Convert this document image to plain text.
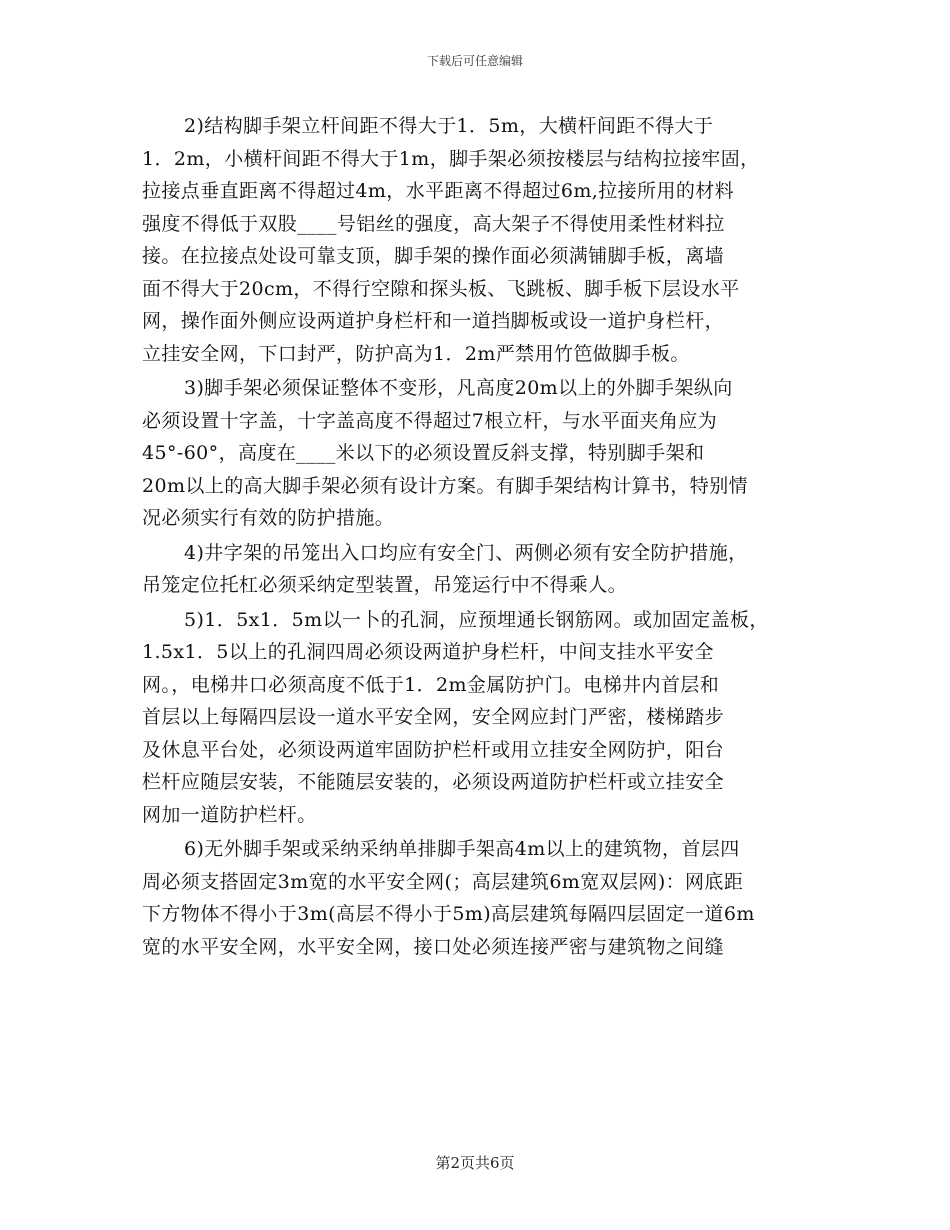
下载后可任意编辑
2)结构脚手架立杆间距不得大于1．5m，大横杆间距不得大于
1．2m，小横杆间距不得大于1m，脚手架必须按楼层与结构拉接牢固，
拉接点垂直距离不得超过4m，水平距离不得超过6m,拉接所用的材料
强度不得低于双股____号铝丝的强度，高大架子不得使用柔性材料拉
接。在拉接点处设可靠支顶，脚手架的操作面必须满铺脚手板，离墙
面不得大于20cm，不得行空隙和探头板、飞跳板、脚手板下层设水平
网，操作面外侧应设两道护身栏杆和一道挡脚板或设一道护身栏杆，
立挂安全网，下口封严，防护高为1．2m严禁用竹笆做脚手板。
3)脚手架必须保证整体不变形，凡高度20m以上的外脚手架纵向
必须设置十字盖，十字盖高度不得超过7根立杆，与水平面夹角应为
45°-60°，高度在____米以下的必须设置反斜支撑，特别脚手架和
20m以上的高大脚手架必须有设计方案。有脚手架结构计算书，特别情
况必须实行有效的防护措施。
4)井字架的吊笼出入口均应有安全门、两侧必须有安全防护措施，
吊笼定位托杠必须采纳定型装置，吊笼运行中不得乘人。
5)1．5x1．5m以一卜的孔洞，应预埋通长钢筋网。或加固定盖板，
1.5x1．5以上的孔洞四周必须设两道护身栏杆，中间支挂水平安全
网。，电梯井口必须高度不低于1．2m金属防护门。电梯井内首层和
首层以上每隔四层设一道水平安全网，安全网应封门严密，楼梯踏步
及休息平台处，必须设两道牢固防护栏杆或用立挂安全网防护，阳台
栏杆应随层安装，不能随层安装的，必须设两道防护栏杆或立挂安全
网加一道防护栏杆。
6)无外脚手架或采纳采纳单排脚手架高4m以上的建筑物，首层四
周必须支搭固定3m宽的水平安全网(；高层建筑6m宽双层网)：网底距
下方物体不得小于3m(高层不得小于5m)高层建筑每隔四层固定一道6m
宽的水平安全网，水平安全网，接口处必须连接严密与建筑物之间缝
第2页共6页
